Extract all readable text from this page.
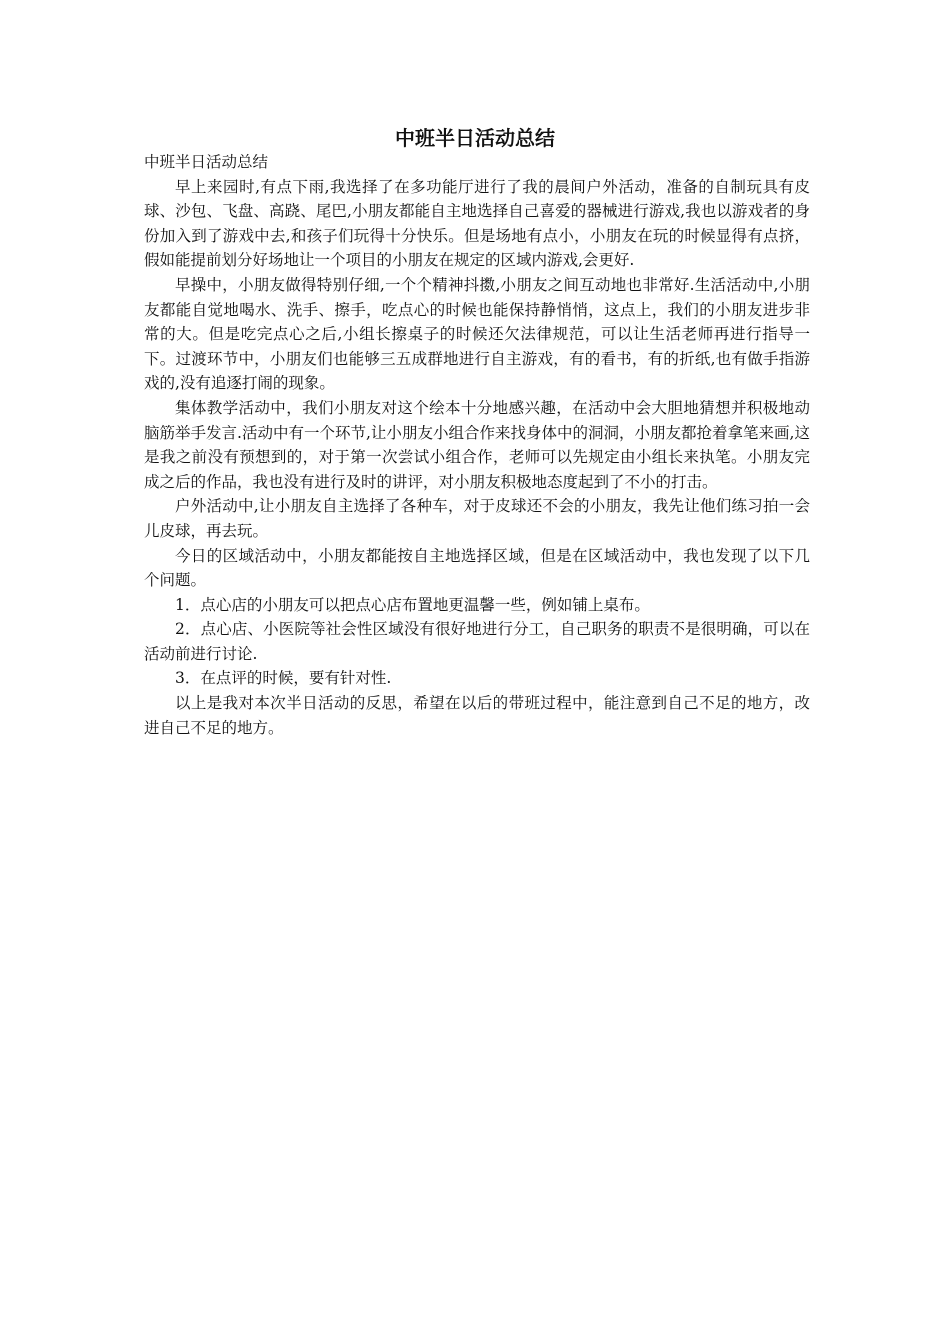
中班半日活动总结

中班半日活动总结

早上来园时,有点下雨,我选择了在多功能厅进行了我的晨间户外活动，准备的自制玩具有皮球、沙包、飞盘、高跷、尾巴,小朋友都能自主地选择自己喜爱的器械进行游戏,我也以游戏者的身份加入到了游戏中去,和孩子们玩得十分快乐。但是场地有点小，小朋友在玩的时候显得有点挤，假如能提前划分好场地让一个项目的小朋友在规定的区域内游戏,会更好.

早操中，小朋友做得特别仔细,一个个精神抖擞,小朋友之间互动地也非常好.生活活动中,小朋友都能自觉地喝水、洗手、擦手，吃点心的时候也能保持静悄悄，这点上，我们的小朋友进步非常的大。但是吃完点心之后,小组长擦桌子的时候还欠法律规范，可以让生活老师再进行指导一下。过渡环节中，小朋友们也能够三五成群地进行自主游戏，有的看书，有的折纸,也有做手指游戏的,没有追逐打闹的现象。

集体教学活动中，我们小朋友对这个绘本十分地感兴趣，在活动中会大胆地猜想并积极地动脑筋举手发言.活动中有一个环节,让小朋友小组合作来找身体中的洞洞，小朋友都抢着拿笔来画,这是我之前没有预想到的，对于第一次尝试小组合作，老师可以先规定由小组长来执笔。小朋友完成之后的作品，我也没有进行及时的讲评，对小朋友积极地态度起到了不小的打击。

户外活动中,让小朋友自主选择了各种车，对于皮球还不会的小朋友，我先让他们练习拍一会儿皮球，再去玩。

今日的区域活动中，小朋友都能按自主地选择区域，但是在区域活动中，我也发现了以下几个问题。

1．点心店的小朋友可以把点心店布置地更温馨一些，例如铺上桌布。

2．点心店、小医院等社会性区域没有很好地进行分工，自己职务的职责不是很明确，可以在活动前进行讨论.

3．在点评的时候，要有针对性.

以上是我对本次半日活动的反思，希望在以后的带班过程中，能注意到自己不足的地方，改进自己不足的地方。
